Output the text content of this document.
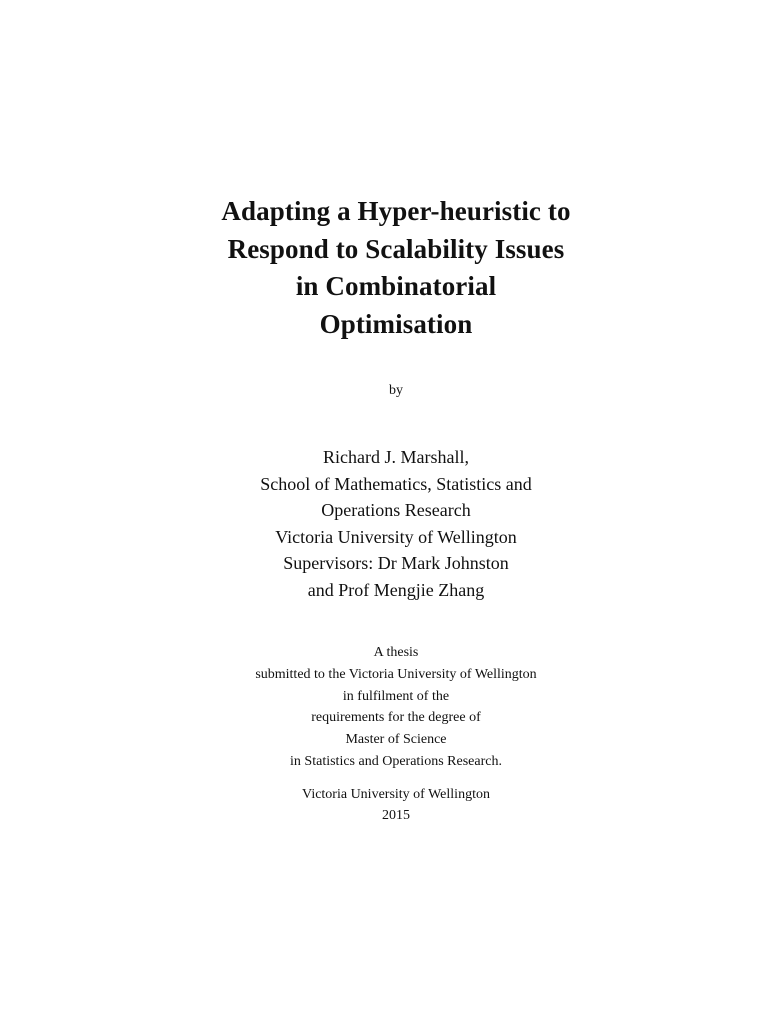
Adapting a Hyper-heuristic to
Respond to Scalability Issues
in Combinatorial
Optimisation
by
Richard J. Marshall,
School of Mathematics, Statistics and
Operations Research
Victoria University of Wellington
Supervisors: Dr Mark Johnston
and Prof Mengjie Zhang
A thesis
submitted to the Victoria University of Wellington
in fulfilment of the
requirements for the degree of
Master of Science
in Statistics and Operations Research.
Victoria University of Wellington
2015
